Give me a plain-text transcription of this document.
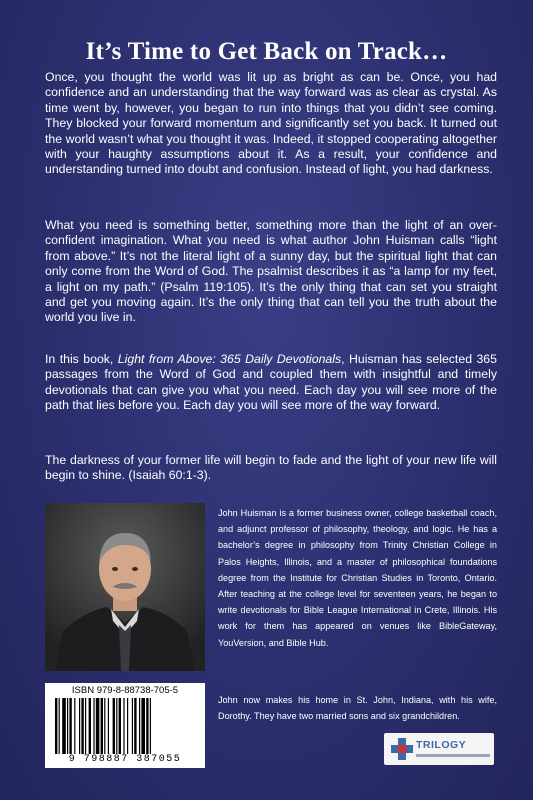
It’s Time to Get Back on Track…

Once, you thought the world was lit up as bright as can be. Once, you had confidence and an understanding that the way forward was as clear as crystal. As time went by, however, you began to run into things that you didn’t see coming. They blocked your forward momentum and significantly set you back. It turned out the world wasn’t what you thought it was. Indeed, it stopped cooperating altogether with your haughty assumptions about it. As a result, your confidence and understanding turned into doubt and confusion. Instead of light, you had darkness.

What you need is something better, something more than the light of an over-confident imagination. What you need is what author John Huisman calls “light from above.” It’s not the literal light of a sunny day, but the spiritual light that can only come from the Word of God. The psalmist describes it as “a lamp for my feet, a light on my path.” (Psalm 119:105). It’s the only thing that can set you straight and get you moving again. It’s the only thing that can tell you the truth about the world you live in.

In this book, Light from Above: 365 Daily Devotionals, Huisman has selected 365 passages from the Word of God and coupled them with insightful and timely devotionals that can give you what you need. Each day you will see more of the path that lies before you. Each day you will see more of the way forward.

The darkness of your former life will begin to fade and the light of your new life will begin to shine. (Isaiah 60:1-3).

John Huisman is a former business owner, college basketball coach, and adjunct professor of philosophy, theology, and logic. He has a bachelor’s degree in philosophy from Trinity Christian College in Palos Heights, Illinois, and a master of philosophical foundations degree from the Institute for Christian Studies in Toronto, Ontario. After teaching at the college level for seventeen years, he began to write devotionals for Bible League International in Crete, Illinois. His work for them has appeared on venues like BibleGateway, YouVersion, and Bible Hub.

John now makes his home in St. John, Indiana, with his wife, Dorothy. They have two married sons and six grandchildren.

ISBN 979-8-88738-705-5
9 798887 387055
TRILOGY
